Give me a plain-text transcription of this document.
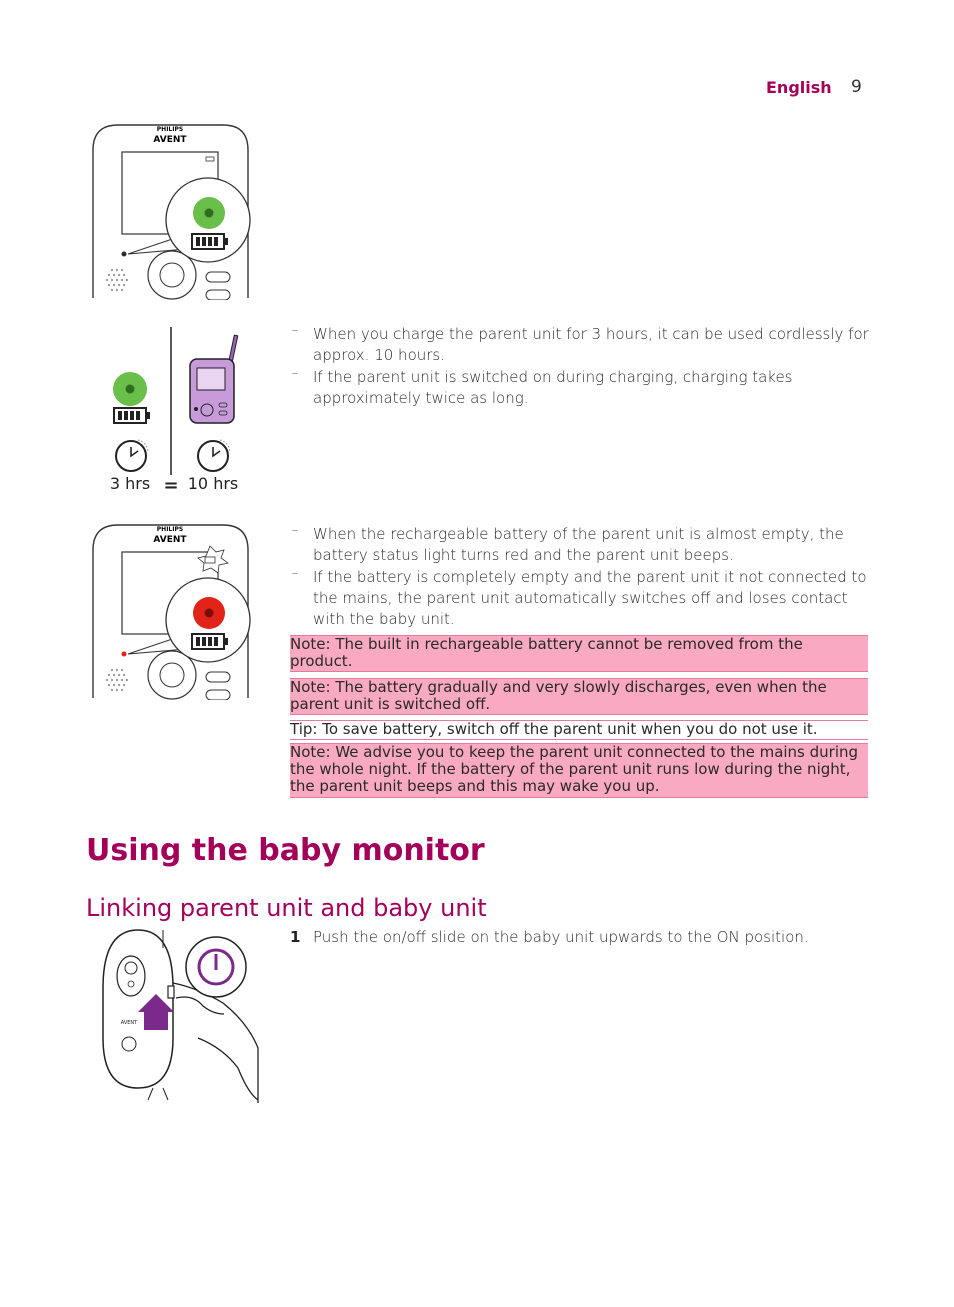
English 9
PHILIPS
AVENT
3 hrs = 10 hrs
– When you charge the parent unit for 3 hours, it can be used cordlessly for approx. 10 hours.
– If the parent unit is switched on during charging, charging takes approximately twice as long.
PHILIPS
AVENT
– When the rechargeable battery of the parent unit is almost empty, the battery status light turns red and the parent unit beeps.
– If the battery is completely empty and the parent unit it not connected to the mains, the parent unit automatically switches off and loses contact with the baby unit.
Note: The built in rechargeable battery cannot be removed from the product.
Note: The battery gradually and very slowly discharges, even when the parent unit is switched off.
Tip: To save battery, switch off the parent unit when you do not use it.
Note: We advise you to keep the parent unit connected to the mains during the whole night. If the battery of the parent unit runs low during the night, the parent unit beeps and this may wake you up.
Using the baby monitor
Linking parent unit and baby unit
AVENT
1 Push the on/off slide on the baby unit upwards to the ON position.
